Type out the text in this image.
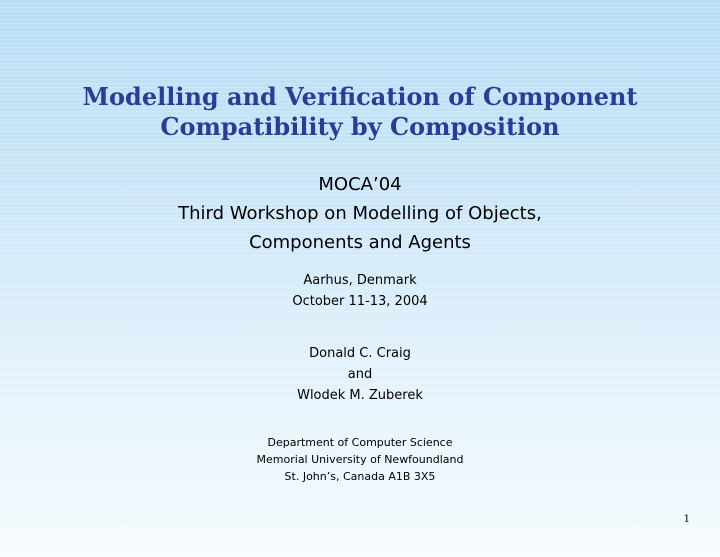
Modelling and Verification of Component
Compatibility by Composition
MOCA’04
Third Workshop on Modelling of Objects,
Components and Agents
Aarhus, Denmark
October 11-13, 2004
Donald C. Craig
and
Wlodek M. Zuberek
Department of Computer Science
Memorial University of Newfoundland
St. John’s, Canada A1B 3X5
1
